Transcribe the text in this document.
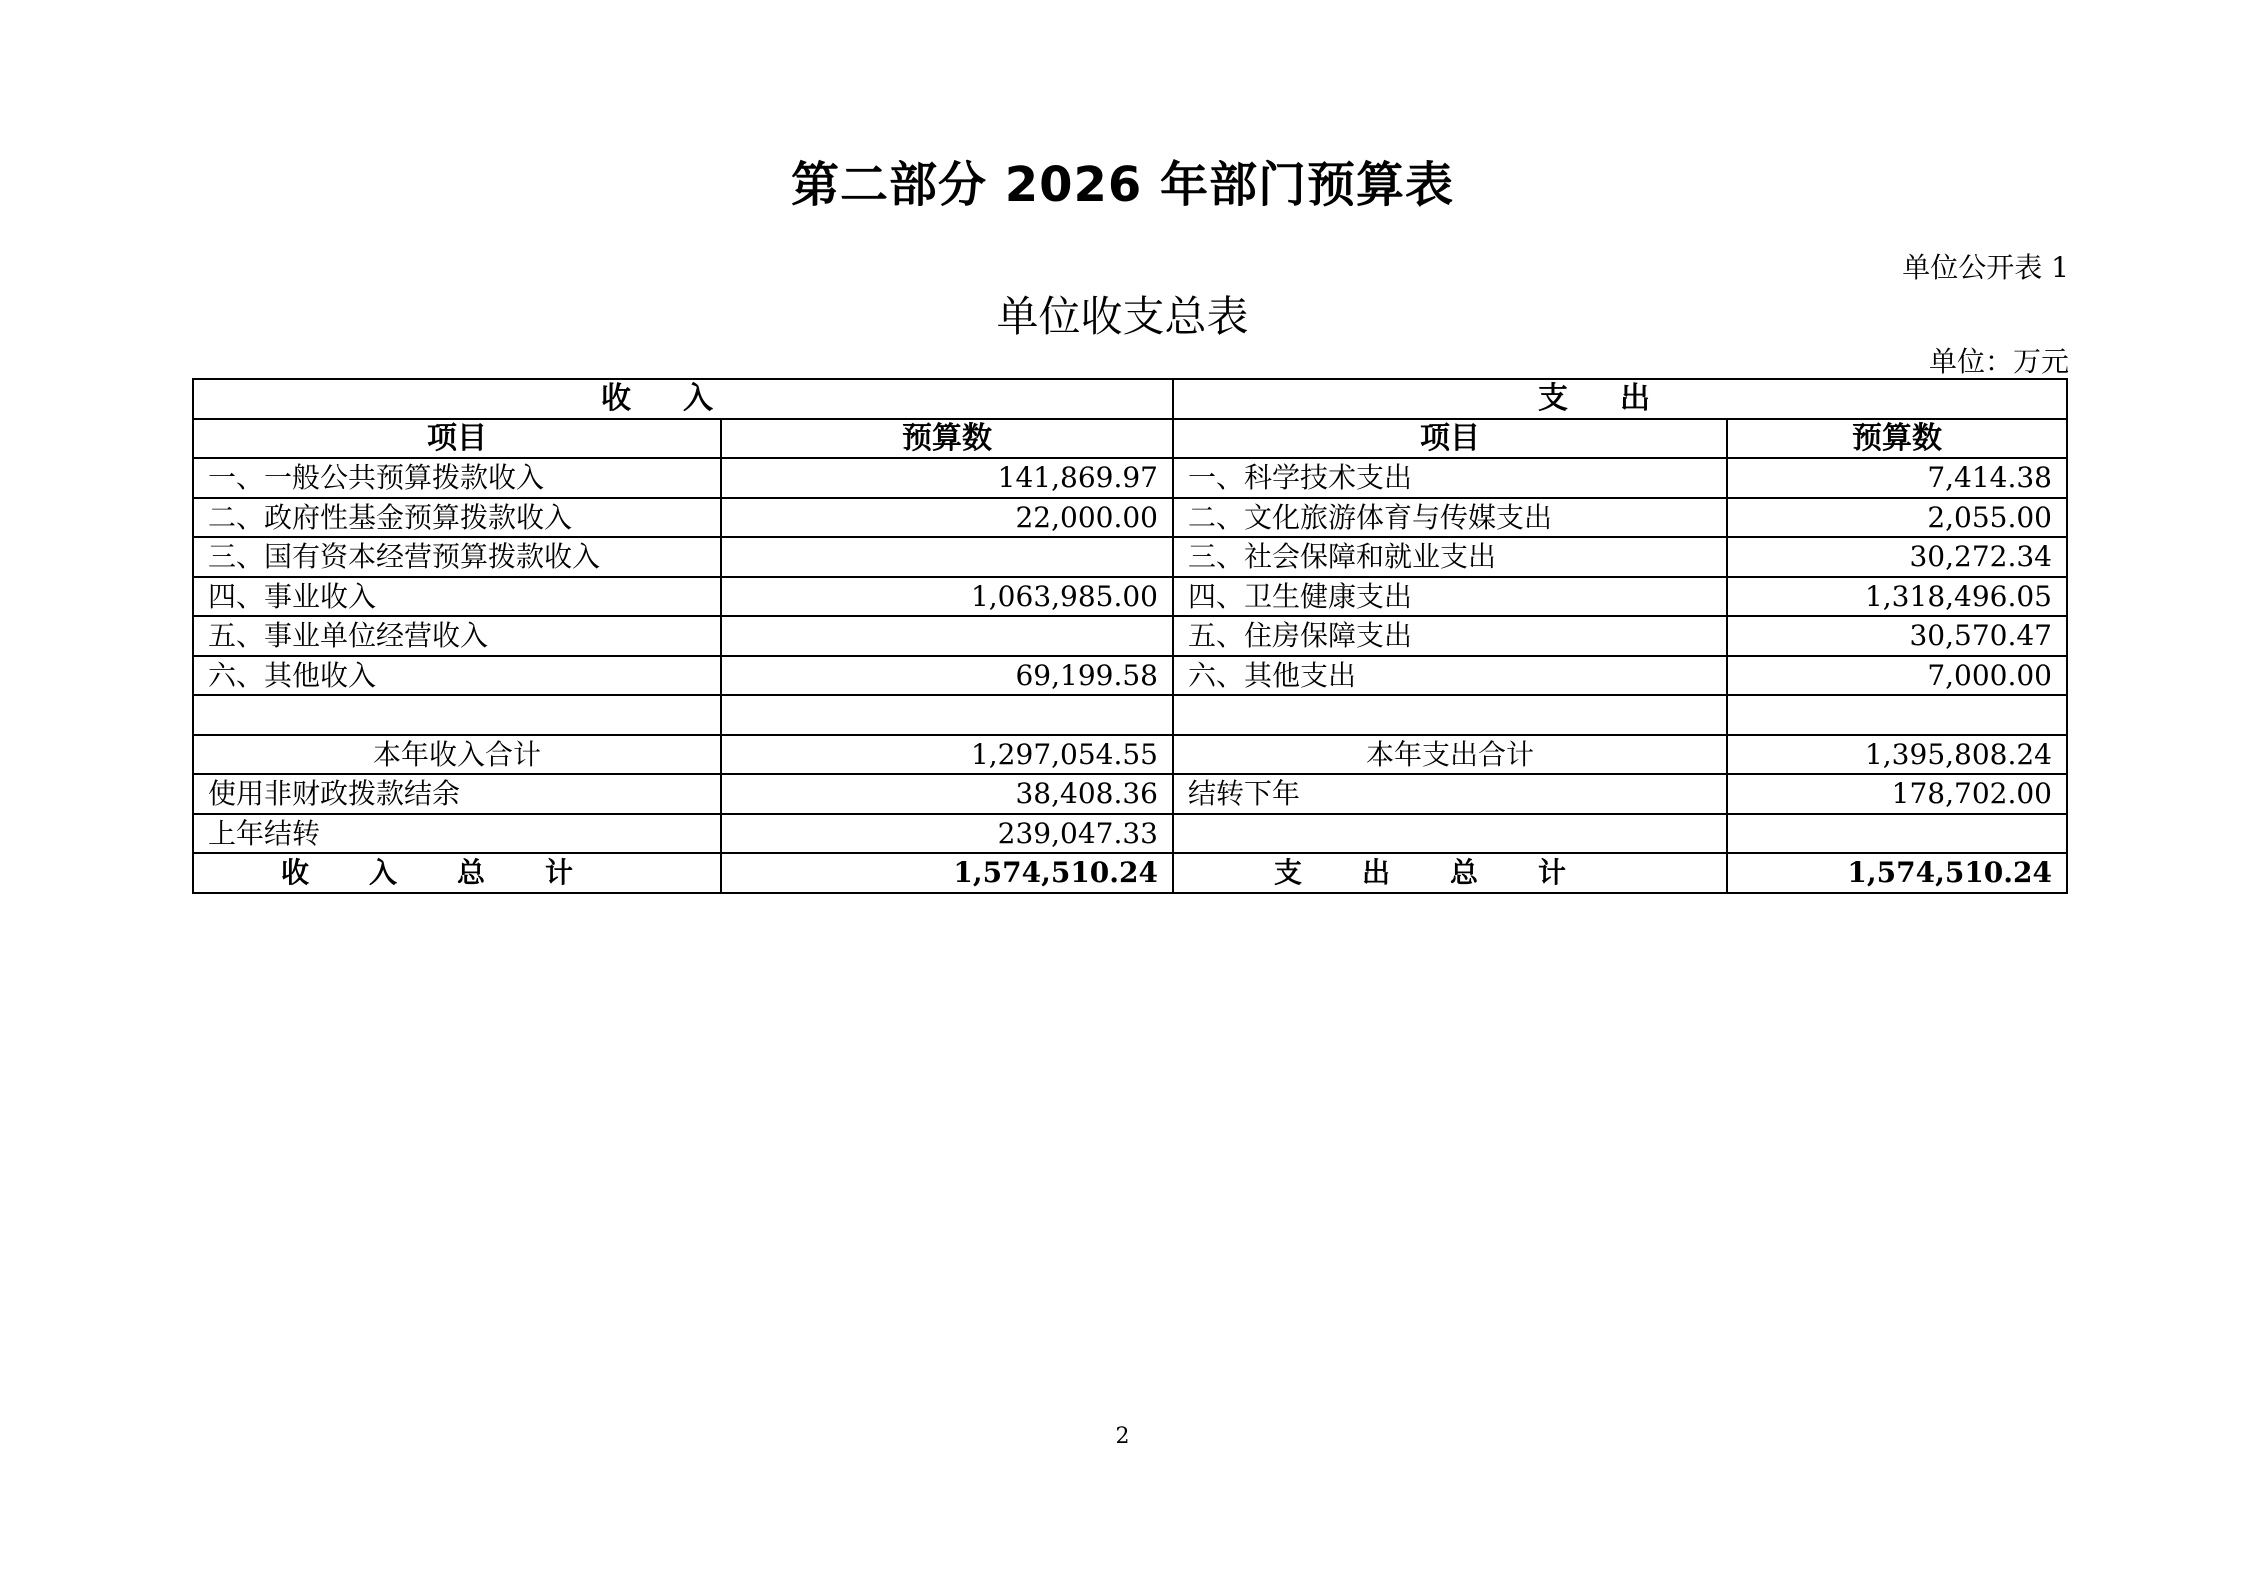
第二部分 2026 年部门预算表
单位公开表 1
单位收支总表
单位：万元
收入		支出	
项目	预算数	项目	预算数
一、一般公共预算拨款收入	141,869.97	一、科学技术支出	7,414.38
二、政府性基金预算拨款收入	22,000.00	二、文化旅游体育与传媒支出	2,055.00
三、国有资本经营预算拨款收入		三、社会保障和就业支出	30,272.34
四、事业收入	1,063,985.00	四、卫生健康支出	1,318,496.05
五、事业单位经营收入		五、住房保障支出	30,570.47
六、其他收入	69,199.58	六、其他支出	7,000.00

本年收入合计	1,297,054.55	本年支出合计	1,395,808.24
使用非财政拨款结余	38,408.36	结转下年	178,702.00
上年结转	239,047.33		
收入总计	1,574,510.24	支出总计	1,574,510.24
2
